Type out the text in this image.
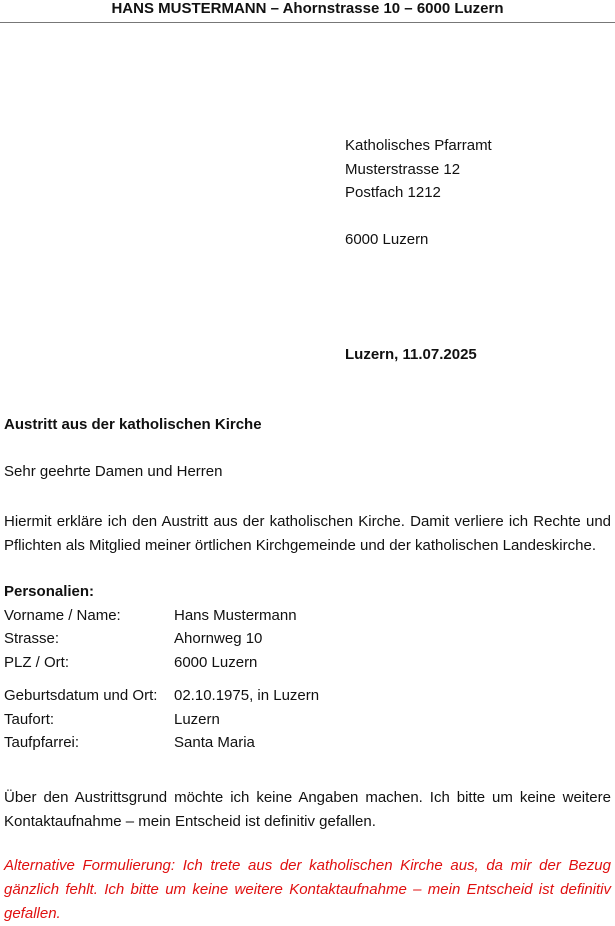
HANS MUSTERMANN – Ahornstrasse 10 – 6000 Luzern
Katholisches Pfarramt
Musterstrasse 12
Postfach 1212
6000 Luzern
Luzern, 11.07.2025
Austritt aus der katholischen Kirche
Sehr geehrte Damen und Herren
Hiermit erkläre ich den Austritt aus der katholischen Kirche. Damit verliere ich Rechte und Pflichten als Mitglied meiner örtlichen Kirchgemeinde und der katholischen Landeskirche.
Personalien:
Vorname / Name:	Hans Mustermann
Strasse:	Ahornweg 10
PLZ / Ort:	6000 Luzern
Geburtsdatum und Ort:	02.10.1975, in Luzern
Taufort:	Luzern
Taufpfarrei:	Santa Maria
Über den Austrittsgrund möchte ich keine Angaben machen. Ich bitte um keine weitere Kontaktaufnahme – mein Entscheid ist definitiv gefallen.
Alternative Formulierung: Ich trete aus der katholischen Kirche aus, da mir der Bezug gänzlich fehlt. Ich bitte um keine weitere Kontaktaufnahme – mein Entscheid ist definitiv gefallen.
